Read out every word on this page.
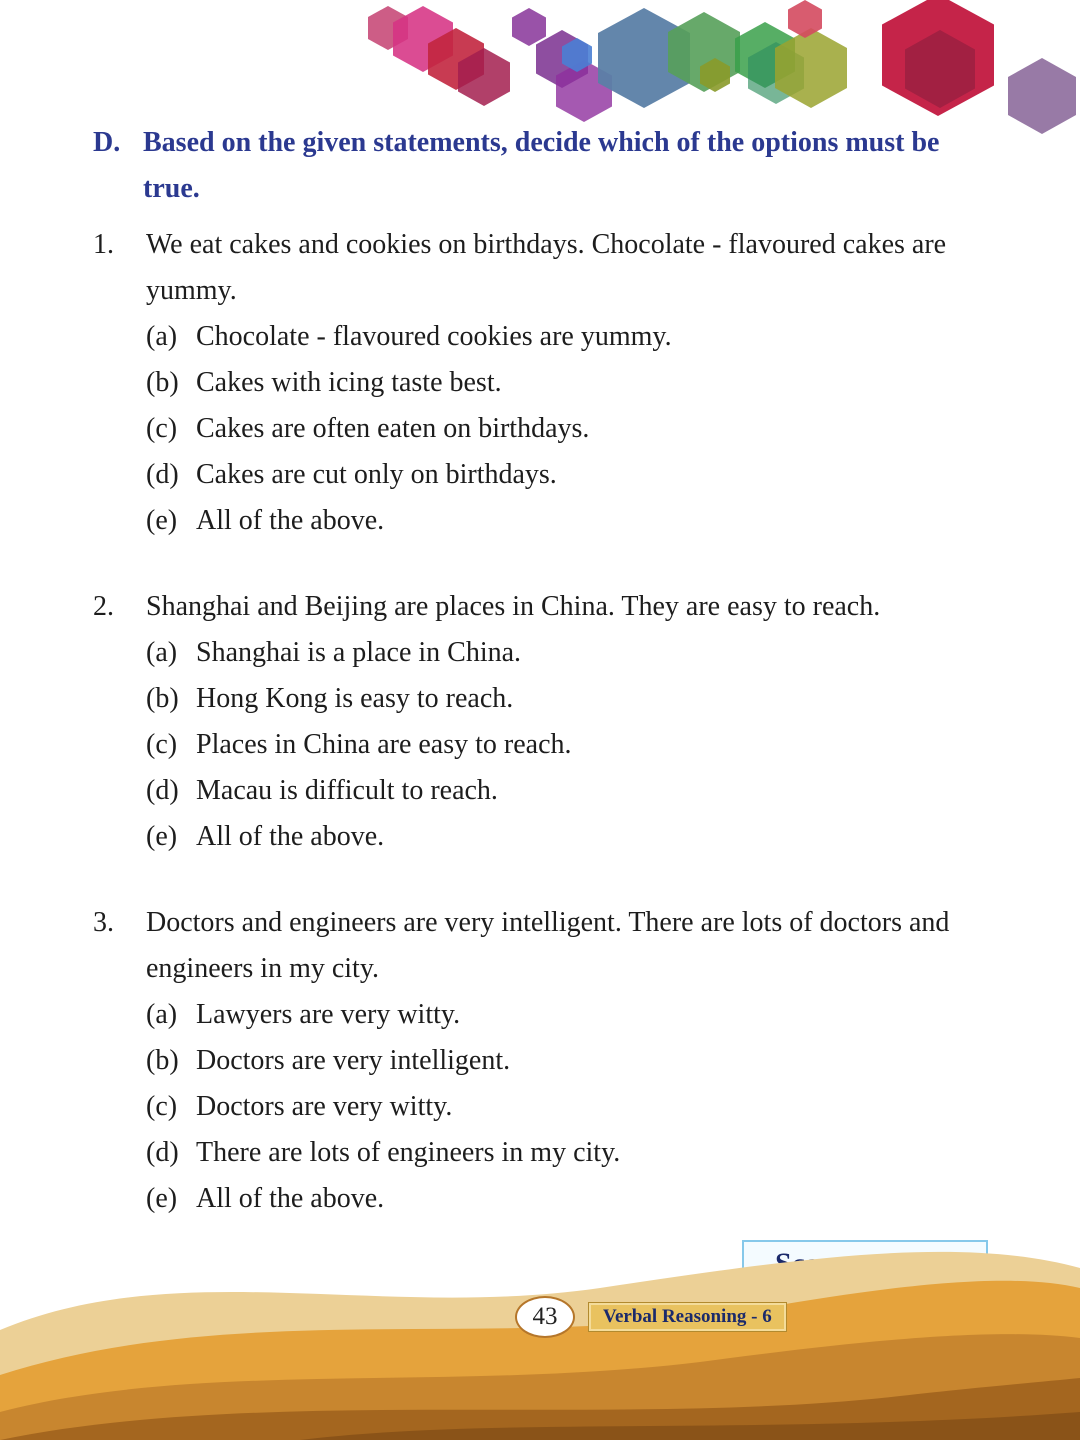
D. Based on the given statements, decide which of the options must be true.
1.	We eat cakes and cookies on birthdays. Chocolate - flavoured cakes are yummy.
(a) Chocolate - flavoured cookies are yummy.
(b) Cakes with icing taste best.
(c) Cakes are often eaten on birthdays.
(d) Cakes are cut only on birthdays.
(e) All of the above.
2.	Shanghai and Beijing are places in China. They are easy to reach.
(a) Shanghai is a place in China.
(b) Hong Kong is easy to reach.
(c) Places in China are easy to reach.
(d) Macau is difficult to reach.
(e) All of the above.
3.	Doctors and engineers are very intelligent. There are lots of doctors and engineers in my city.
(a) Lawyers are very witty.
(b) Doctors are very intelligent.
(c) Doctors are very witty.
(d) There are lots of engineers in my city.
(e) All of the above.
43	Verbal Reasoning - 6
